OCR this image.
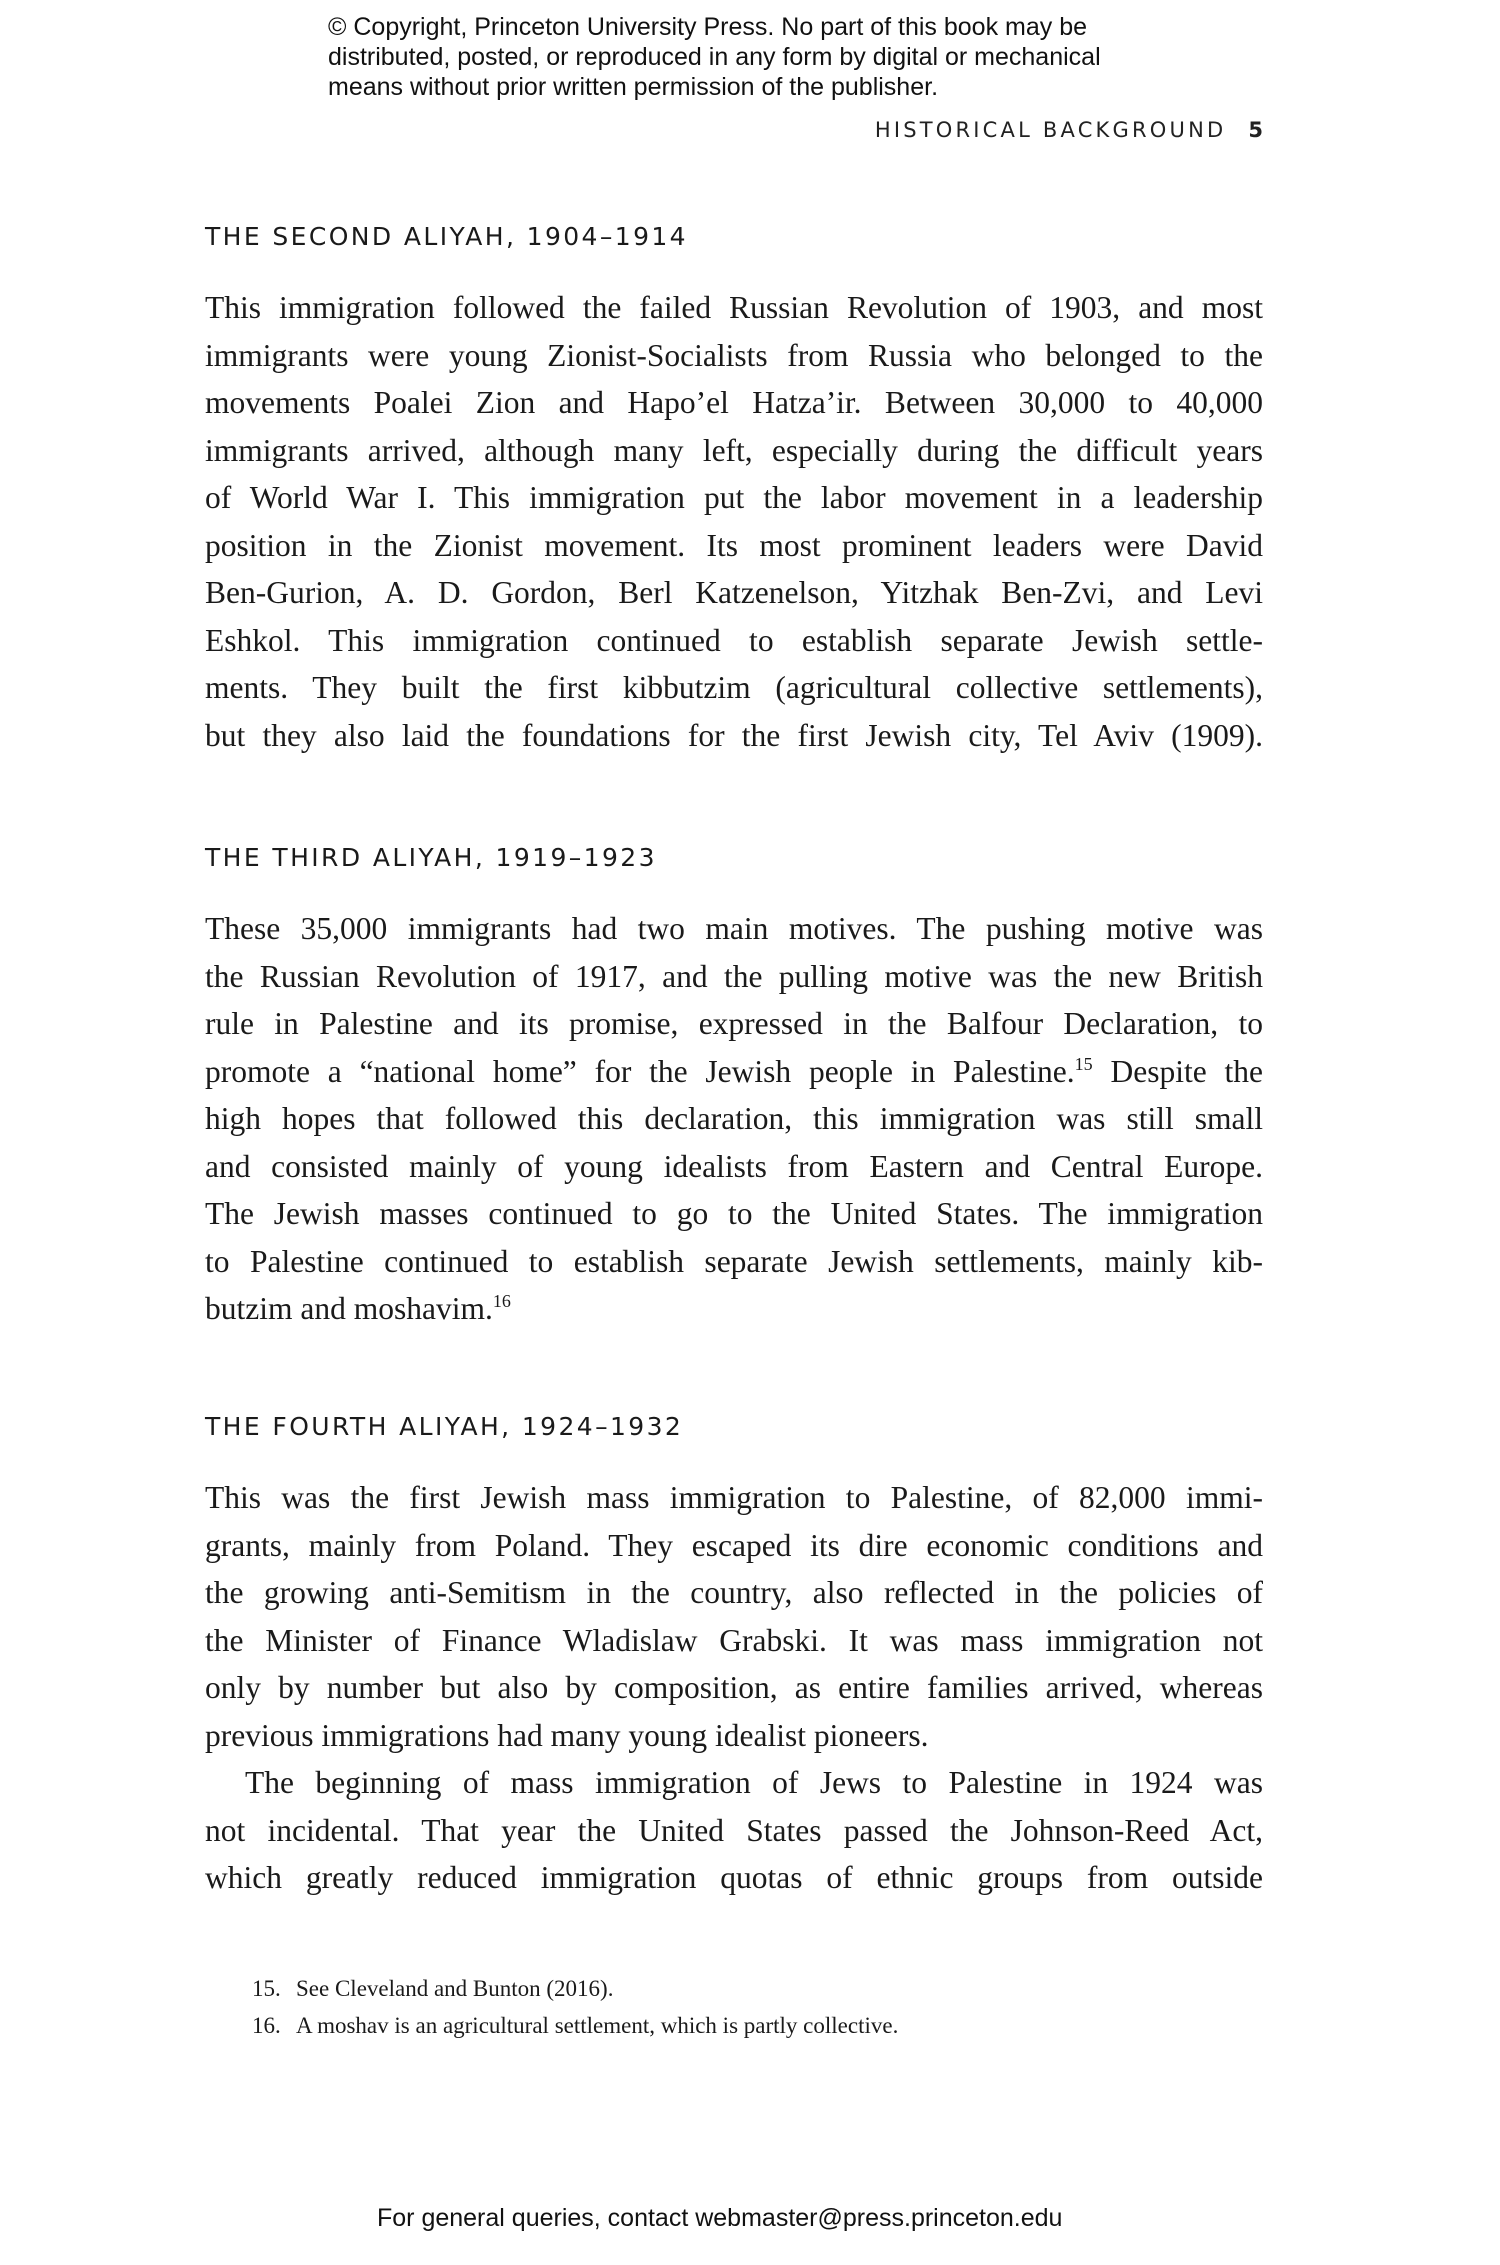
© Copyright, Princeton University Press. No part of this book may be
distributed, posted, or reproduced in any form by digital or mechanical
means without prior written permission of the publisher.
HISTORICAL BACKGROUND 5
THE SECOND ALIYAH, 1904–1914
This immigration followed the failed Russian Revolution of 1903, and most
immigrants were young Zionist-Socialists from Russia who belonged to the
movements Poalei Zion and Hapo’el Hatza’ir. Between 30,000 to 40,000
immigrants arrived, although many left, especially during the difficult years
of World War I. This immigration put the labor movement in a leadership
position in the Zionist movement. Its most prominent leaders were David
Ben-Gurion, A. D. Gordon, Berl Katzenelson, Yitzhak Ben-Zvi, and Levi
Eshkol. This immigration continued to establish separate Jewish settle-
ments. They built the first kibbutzim (agricultural collective settlements),
but they also laid the foundations for the first Jewish city, Tel Aviv (1909).
THE THIRD ALIYAH, 1919–1923
These 35,000 immigrants had two main motives. The pushing motive was
the Russian Revolution of 1917, and the pulling motive was the new British
rule in Palestine and its promise, expressed in the Balfour Declaration, to
promote a “national home” for the Jewish people in Palestine.$^{15}$ Despite the
high hopes that followed this declaration, this immigration was still small
and consisted mainly of young idealists from Eastern and Central Europe.
The Jewish masses continued to go to the United States. The immigration
to Palestine continued to establish separate Jewish settlements, mainly kib-
butzim and moshavim.$^{16}$
THE FOURTH ALIYAH, 1924–1932
This was the first Jewish mass immigration to Palestine, of 82,000 immi-
grants, mainly from Poland. They escaped its dire economic conditions and
the growing anti-Semitism in the country, also reflected in the policies of
the Minister of Finance Wladislaw Grabski. It was mass immigration not
only by number but also by composition, as entire families arrived, whereas
previous immigrations had many young idealist pioneers.
The beginning of mass immigration of Jews to Palestine in 1924 was
not incidental. That year the United States passed the Johnson-Reed Act,
which greatly reduced immigration quotas of ethnic groups from outside
15. See Cleveland and Bunton (2016).
16. A moshav is an agricultural settlement, which is partly collective.
For general queries, contact webmaster@press.princeton.edu
